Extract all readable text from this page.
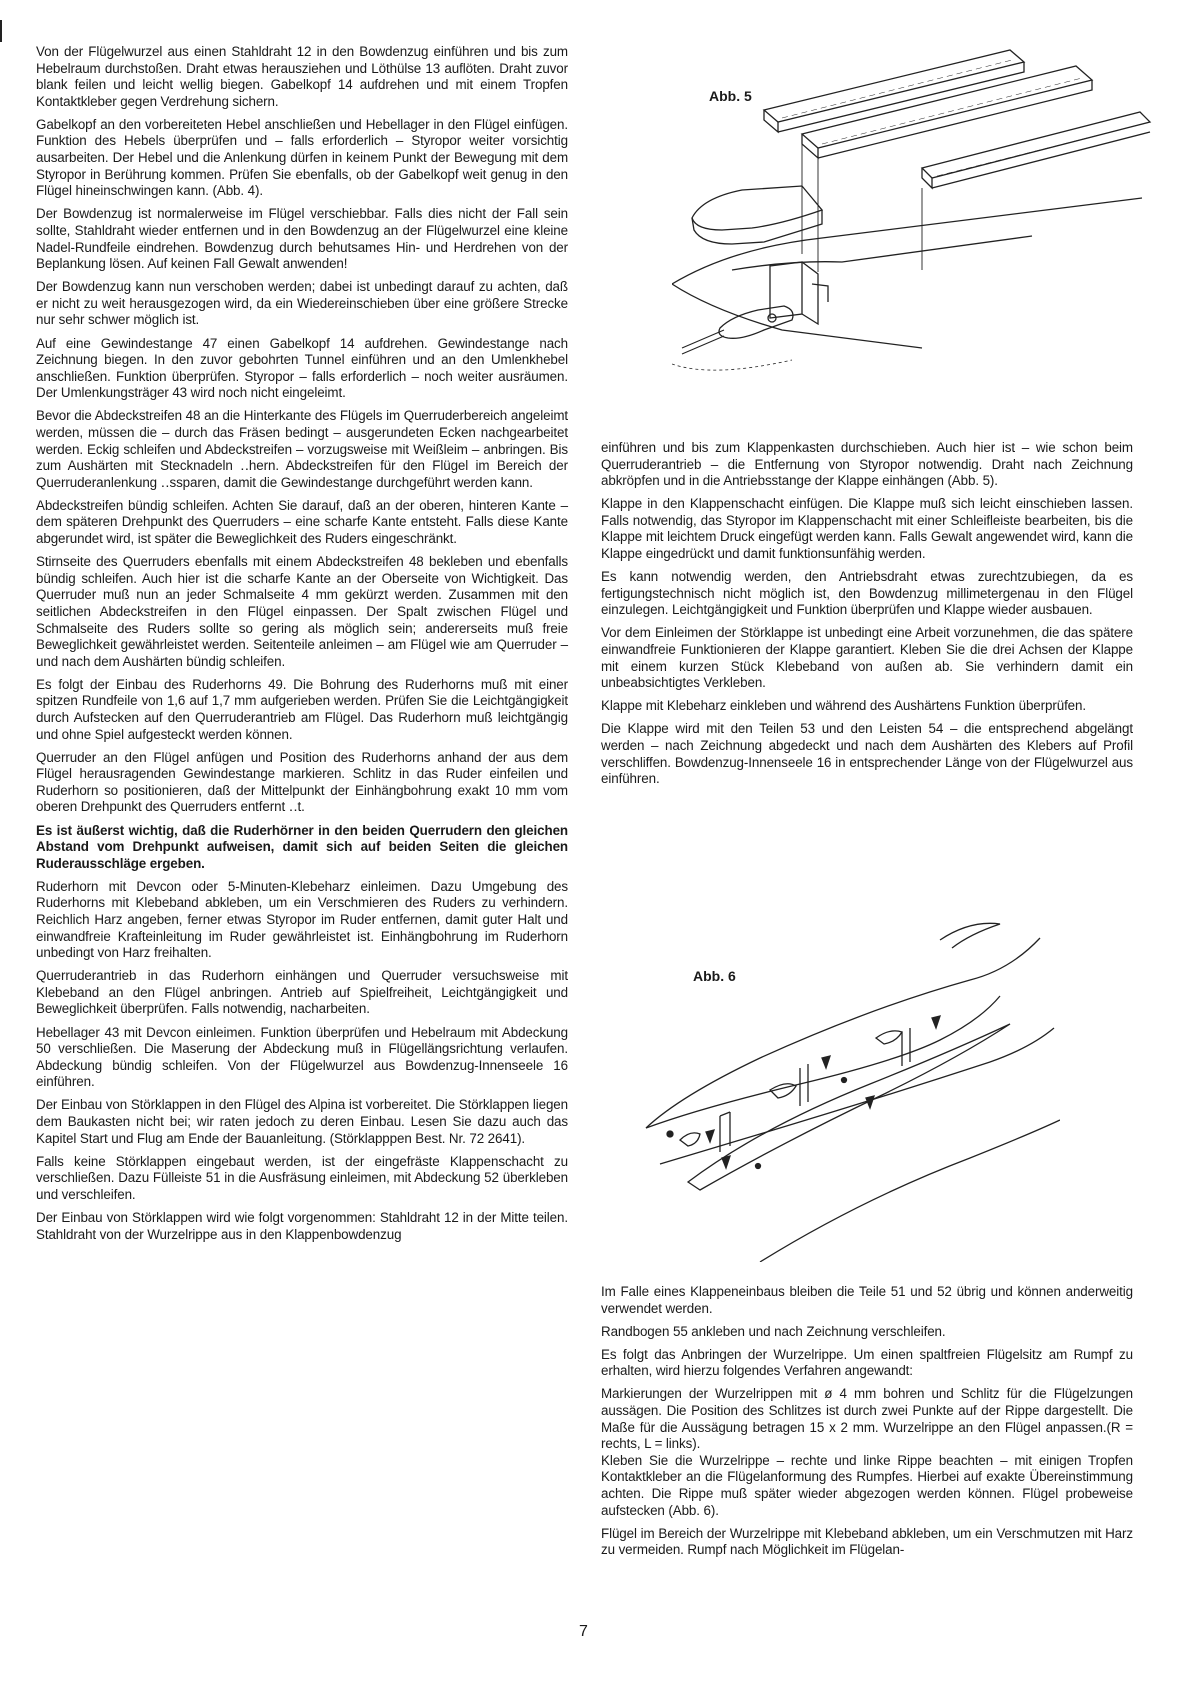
Von der Flügelwurzel aus einen Stahldraht 12 in den Bowdenzug einführen und bis zum Hebelraum durchstoßen. Draht etwas herausziehen und Löthülse 13 auflöten. Draht zuvor blank feilen und leicht wellig biegen. Gabelkopf 14 aufdrehen und mit einem Tropfen Kontaktkleber gegen Verdrehung sichern.

Gabelkopf an den vorbereiteten Hebel anschließen und Hebellager in den Flügel einfügen. Funktion des Hebels überprüfen und – falls erforderlich – Styropor weiter vorsichtig ausarbeiten. Der Hebel und die Anlenkung dürfen in keinem Punkt der Bewegung mit dem Styropor in Berührung kommen. Prüfen Sie ebenfalls, ob der Gabelkopf weit genug in den Flügel hineinschwingen kann. (Abb. 4).

Der Bowdenzug ist normalerweise im Flügel verschiebbar. Falls dies nicht der Fall sein sollte, Stahldraht wieder entfernen und in den Bowdenzug an der Flügelwurzel eine kleine Nadel-Rundfeile eindrehen. Bowdenzug durch behutsames Hin- und Herdrehen von der Beplankung lösen. Auf keinen Fall Gewalt anwenden!

Der Bowdenzug kann nun verschoben werden; dabei ist unbedingt darauf zu achten, daß er nicht zu weit herausgezogen wird, da ein Wiedereinschieben über eine größere Strecke nur sehr schwer möglich ist.

Auf eine Gewindestange 47 einen Gabelkopf 14 aufdrehen. Gewindestange nach Zeichnung biegen. In den zuvor gebohrten Tunnel einführen und an den Umlenkhebel anschließen. Funktion überprüfen. Styropor – falls erforderlich – noch weiter ausräumen. Der Umlenkungsträger 43 wird noch nicht eingeleimt.

Bevor die Abdeckstreifen 48 an die Hinterkante des Flügels im Querruderbereich angeleimt werden, müssen die – durch das Fräsen bedingt – ausgerundeten Ecken nachgearbeitet werden. Eckig schleifen und Abdeckstreifen – vorzugsweise mit Weißleim – anbringen. Bis zum Aushärten mit Stecknadeln ‥hern. Abdeckstreifen für den Flügel im Bereich der Querruderanlenkung ‥ssparen, damit die Gewindestange durchgeführt werden kann.

Abdeckstreifen bündig schleifen. Achten Sie darauf, daß an der oberen, hinteren Kante – dem späteren Drehpunkt des Querruders – eine scharfe Kante entsteht. Falls diese Kante abgerundet wird, ist später die Beweglichkeit des Ruders eingeschränkt.

Stirnseite des Querruders ebenfalls mit einem Abdeckstreifen 48 bekleben und ebenfalls bündig schleifen. Auch hier ist die scharfe Kante an der Oberseite von Wichtigkeit. Das Querruder muß nun an jeder Schmalseite 4 mm gekürzt werden. Zusammen mit den seitlichen Abdeckstreifen in den Flügel einpassen. Der Spalt zwischen Flügel und Schmalseite des Ruders sollte so gering als möglich sein; andererseits muß freie Beweglichkeit gewährleistet werden. Seitenteile anleimen – am Flügel wie am Querruder – und nach dem Aushärten bündig schleifen.

Es folgt der Einbau des Ruderhorns 49. Die Bohrung des Ruderhorns muß mit einer spitzen Rundfeile von 1,6 auf 1,7 mm aufgerieben werden. Prüfen Sie die Leichtgängigkeit durch Aufstecken auf den Querruderantrieb am Flügel. Das Ruderhorn muß leichtgängig und ohne Spiel aufgesteckt werden können.

Querruder an den Flügel anfügen und Position des Ruderhorns anhand der aus dem Flügel herausragenden Gewindestange markieren. Schlitz in das Ruder einfeilen und Ruderhorn so positionieren, daß der Mittelpunkt der Einhängbohrung exakt 10 mm vom oberen Drehpunkt des Querruders entfernt ‥t.

Es ist äußerst wichtig, daß die Ruderhörner in den beiden Querrudern den gleichen Abstand vom Drehpunkt aufweisen, damit sich auf beiden Seiten die gleichen Ruderausschläge ergeben.

Ruderhorn mit Devcon oder 5-Minuten-Klebeharz einleimen. Dazu Umgebung des Ruderhorns mit Klebeband abkleben, um ein Verschmieren des Ruders zu verhindern. Reichlich Harz angeben, ferner etwas Styropor im Ruder entfernen, damit guter Halt und einwandfreie Krafteinleitung im Ruder gewährleistet ist. Einhängbohrung im Ruderhorn unbedingt von Harz freihalten.

Querruderantrieb in das Ruderhorn einhängen und Querruder versuchsweise mit Klebeband an den Flügel anbringen. Antrieb auf Spielfreiheit, Leichtgängigkeit und Beweglichkeit überprüfen. Falls notwendig, nacharbeiten.

Hebellager 43 mit Devcon einleimen. Funktion überprüfen und Hebelraum mit Abdeckung 50 verschließen. Die Maserung der Abdeckung muß in Flügellängsrichtung verlaufen. Abdeckung bündig schleifen. Von der Flügelwurzel aus Bowdenzug-Innenseele 16 einführen.

Der Einbau von Störklappen in den Flügel des Alpina ist vorbereitet. Die Störklappen liegen dem Baukasten nicht bei; wir raten jedoch zu deren Einbau. Lesen Sie dazu auch das Kapitel Start und Flug am Ende der Bauanleitung. (Störklapppen Best. Nr. 72 2641).

Falls keine Störklappen eingebaut werden, ist der eingefräste Klappenschacht zu verschließen. Dazu Fülleiste 51 in die Ausfräsung einleimen, mit Abdeckung 52 überkleben und verschleifen.

Der Einbau von Störklappen wird wie folgt vorgenommen: Stahldraht 12 in der Mitte teilen. Stahldraht von der Wurzelrippe aus in den Klappenbowdenzug

Abb. 5

einführen und bis zum Klappenkasten durchschieben. Auch hier ist – wie schon beim Querruderantrieb – die Entfernung von Styropor notwendig. Draht nach Zeichnung abkröpfen und in die Antriebsstange der Klappe einhängen (Abb. 5).

Klappe in den Klappenschacht einfügen. Die Klappe muß sich leicht einschieben lassen. Falls notwendig, das Styropor im Klappenschacht mit einer Schleifleiste bearbeiten, bis die Klappe mit leichtem Druck eingefügt werden kann. Falls Gewalt angewendet wird, kann die Klappe eingedrückt und damit funktionsunfähig werden.

Es kann notwendig werden, den Antriebsdraht etwas zurechtzubiegen, da es fertigungstechnisch nicht möglich ist, den Bowdenzug millimetergenau in den Flügel einzulegen. Leichtgängigkeit und Funktion überprüfen und Klappe wieder ausbauen.

Vor dem Einleimen der Störklappe ist unbedingt eine Arbeit vorzunehmen, die das spätere einwandfreie Funktionieren der Klappe garantiert. Kleben Sie die drei Achsen der Klappe mit einem kurzen Stück Klebeband von außen ab. Sie verhindern damit ein unbeabsichtigtes Verkleben.

Klappe mit Klebeharz einkleben und während des Aushärtens Funktion überprüfen.

Die Klappe wird mit den Teilen 53 und den Leisten 54 – die entsprechend abgelängt werden – nach Zeichnung abgedeckt und nach dem Aushärten des Klebers auf Profil verschliffen. Bowdenzug-Innenseele 16 in entsprechender Länge von der Flügelwurzel aus einführen.

Abb. 6

Im Falle eines Klappeneinbaus bleiben die Teile 51 und 52 übrig und können anderweitig verwendet werden.

Randbogen 55 ankleben und nach Zeichnung verschleifen.

Es folgt das Anbringen der Wurzelrippe. Um einen spaltfreien Flügelsitz am Rumpf zu erhalten, wird hierzu folgendes Verfahren angewandt:

Markierungen der Wurzelrippen mit ø 4 mm bohren und Schlitz für die Flügelzungen aussägen. Die Position des Schlitzes ist durch zwei Punkte auf der Rippe dargestellt. Die Maße für die Aussägung betragen 15 x 2 mm. Wurzelrippe an den Flügel anpassen.(R = rechts, L = links).
Kleben Sie die Wurzelrippe – rechte und linke Rippe beachten – mit einigen Tropfen Kontaktkleber an die Flügelanformung des Rumpfes. Hierbei auf exakte Übereinstimmung achten. Die Rippe muß später wieder abgezogen werden können. Flügel probeweise aufstecken (Abb. 6).

Flügel im Bereich der Wurzelrippe mit Klebeband abkleben, um ein Verschmutzen mit Harz zu vermeiden. Rumpf nach Möglichkeit im Flügelan-

7
